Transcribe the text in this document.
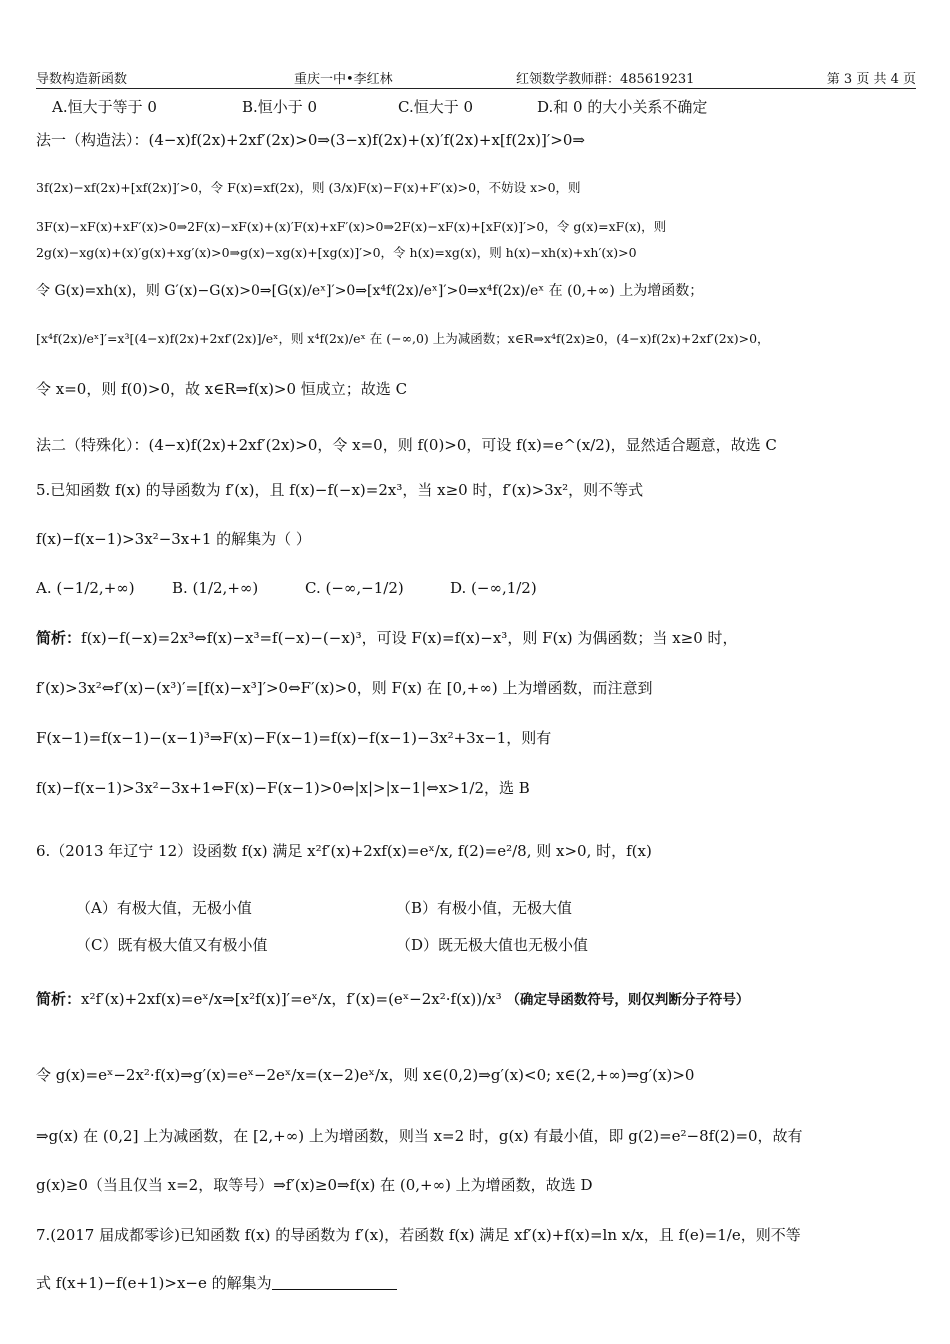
导数构造新函数	重庆一中•李红林	红领数学教师群：485619231	第 3 页 共 4 页
A.恒大于等于 0	B.恒小于 0	C.恒大于 0	D.和 0 的大小关系不确定
法一（构造法）：(4−x)f(2x)+2xf′(2x)>0⇒(3−x)f(2x)+(x)′f(2x)+x[f(2x)]′>0⇒
3f(2x)−xf(2x)+[xf(2x)]′>0，令 F(x)=xf(2x)，则 (3/x)F(x)−F(x)+F′(x)>0，不妨设 x>0，则
3F(x)−xF(x)+xF′(x)>0⇒2F(x)−xF(x)+(x)′F(x)+xF′(x)>0⇒2F(x)−xF(x)+[xF(x)]′>0，令 g(x)=xF(x)，则
2g(x)−xg(x)+(x)′g(x)+xg′(x)>0⇒g(x)−xg(x)+[xg(x)]′>0，令 h(x)=xg(x)，则 h(x)−xh(x)+xh′(x)>0
令 G(x)=xh(x)，则 G′(x)−G(x)>0⇒[G(x)/eˣ]′>0⇒[x⁴f(2x)/eˣ]′>0⇒x⁴f(2x)/eˣ 在 (0,+∞) 上为增函数；
[x⁴f(2x)/eˣ]′=x³[(4−x)f(2x)+2xf′(2x)]/eˣ，则 x⁴f(2x)/eˣ 在 (−∞,0) 上为减函数；x∈R⇒x⁴f(2x)≥0，(4−x)f(2x)+2xf′(2x)>0，
令 x=0，则 f(0)>0，故 x∈R⇒f(x)>0 恒成立；故选 C
法二（特殊化）：(4−x)f(2x)+2xf′(2x)>0，令 x=0，则 f(0)>0，可设 f(x)=e^(x/2)，显然适合题意，故选 C
5.已知函数 f(x) 的导函数为 f′(x)，且 f(x)−f(−x)=2x³，当 x≥0 时，f′(x)>3x²，则不等式
f(x)−f(x−1)>3x²−3x+1 的解集为（ ）
A. (−1/2,+∞) B. (1/2,+∞)	C. (−∞,−1/2)	D. (−∞,1/2)
简析：f(x)−f(−x)=2x³⇔f(x)−x³=f(−x)−(−x)³，可设 F(x)=f(x)−x³，则 F(x) 为偶函数；当 x≥0 时，
f′(x)>3x²⇔f′(x)−(x³)′=[f(x)−x³]′>0⇔F′(x)>0，则 F(x) 在 [0,+∞) 上为增函数，而注意到
F(x−1)=f(x−1)−(x−1)³⇒F(x)−F(x−1)=f(x)−f(x−1)−3x²+3x−1，则有
f(x)−f(x−1)>3x²−3x+1⇔F(x)−F(x−1)>0⇔|x|>|x−1|⇔x>1/2，选 B
6.（2013 年辽宁 12）设函数 f(x) 满足 x²f′(x)+2xf(x)=eˣ/x, f(2)=e²/8, 则 x>0, 时，f(x)
（A）有极大值，无极小值	（B）有极小值，无极大值
（C）既有极大值又有极小值	（D）既无极大值也无极小值
简析：x²f′(x)+2xf(x)=eˣ/x⇒[x²f(x)]′=eˣ/x，f′(x)=(eˣ−2x²·f(x))/x³ （确定导函数符号，则仅判断分子符号）
令 g(x)=eˣ−2x²·f(x)⇒g′(x)=eˣ−2eˣ/x=(x−2)eˣ/x，则 x∈(0,2)⇒g′(x)<0; x∈(2,+∞)⇒g′(x)>0
⇒g(x) 在 (0,2] 上为减函数，在 [2,+∞) 上为增函数，则当 x=2 时，g(x) 有最小值，即 g(2)=e²−8f(2)=0，故有
g(x)≥0（当且仅当 x=2，取等号）⇒f′(x)≥0⇒f(x) 在 (0,+∞) 上为增函数，故选 D
7.(2017 届成都零诊)已知函数 f(x) 的导函数为 f′(x)，若函数 f(x) 满足 xf′(x)+f(x)=ln x/x，且 f(e)=1/e，则不等
式 f(x+1)−f(e+1)>x−e 的解集为
